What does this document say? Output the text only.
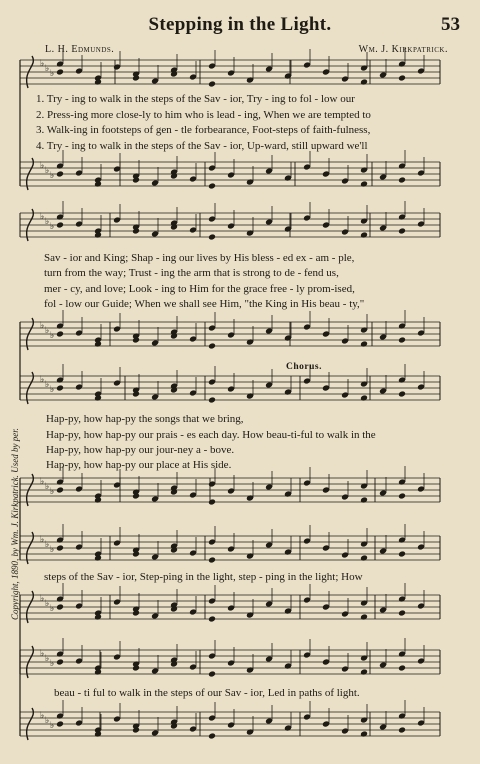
Stepping in the Light.	53
L. H. Edmunds.	Wm. J. Kirkpatrick.
Copyright, 1890, by Wm. J. Kirkpatrick. Used by per.
♭ ♭ ♭
♭ ♭ ♭
♭ ♭ ♭
♭ ♭ ♭
♭ ♭ ♭
♭ ♭ ♭
♭ ♭ ♭
♭ ♭ ♭
♭ ♭ ♭
♭ ♭ ♭
1. Try - ing to walk in the steps of the Sav - ior, Try - ing to fol - low our
2. Press-ing more close-ly to him who is lead - ing, When we are tempted to
3. Walk-ing in footsteps of gen - tle forbearance, Foot-steps of faith-fulness,
4. Try - ing to walk in the steps of the Sav - ior, Up-ward, still upward we'll
Sav - ior and King; Shap - ing our lives by His bless - ed ex - am - ple,
turn from the way; Trust - ing the arm that is strong to de - fend us,
mer - cy, and love; Look - ing to Him for the grace free - ly prom-ised,
fol - low our Guide; When we shall see Him, "the King in His beau - ty,"
Chorus.
Hap-py, how hap-py the songs that we bring,
Hap-py, how hap-py our prais - es each day. How beau-ti-ful to walk in the
Hap-py, how hap-py our jour-ney a - bove.
Hap-py, how hap-py our place at His side.
steps of the Sav - ior, Step-ping in the light, step - ping in the light; How
beau - ti ful to walk in the steps of our Sav - ior, Led in paths of light.
